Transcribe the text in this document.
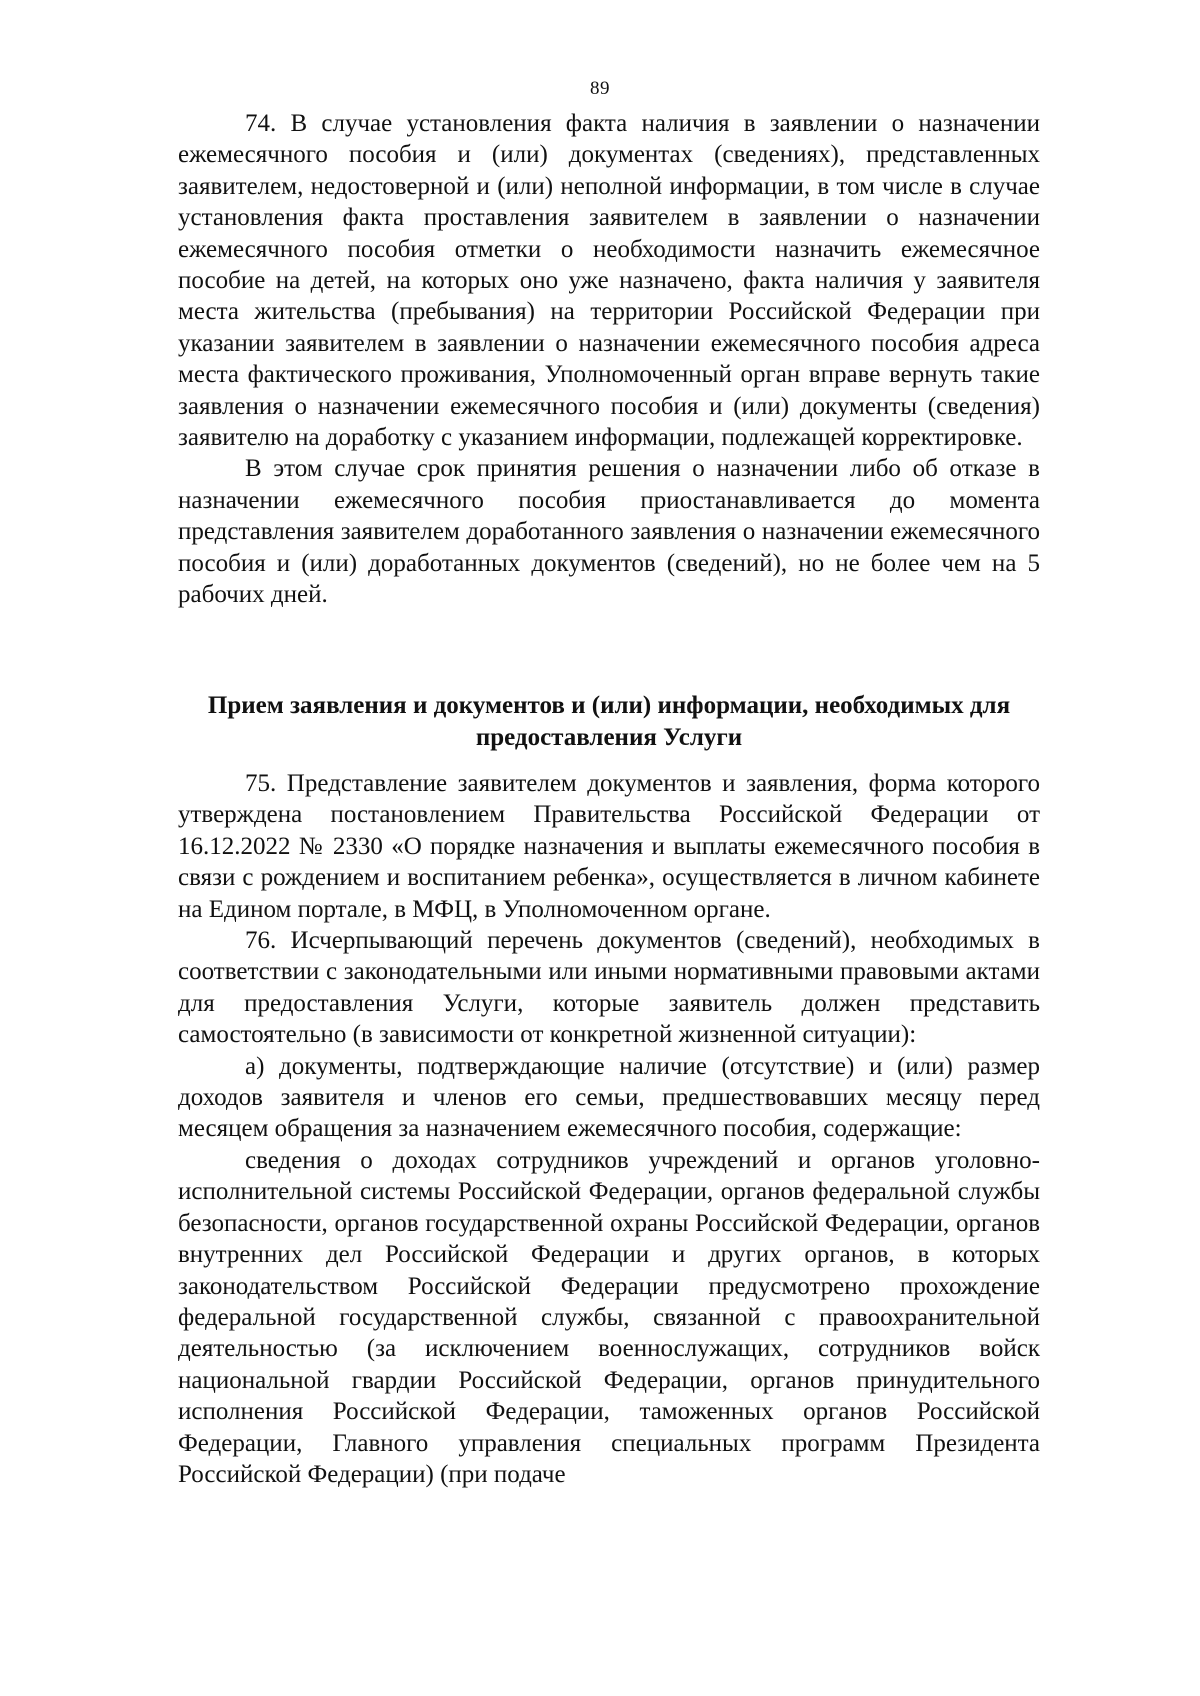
89

74. В случае установления факта наличия в заявлении о назначении ежемесячного пособия и (или) документах (сведениях), представленных заявителем, недостоверной и (или) неполной информации, в том числе в случае установления факта проставления заявителем в заявлении о назначении ежемесячного пособия отметки о необходимости назначить ежемесячное пособие на детей, на которых оно уже назначено, факта наличия у заявителя места жительства (пребывания) на территории Российской Федерации при указании заявителем в заявлении о назначении ежемесячного пособия адреса места фактического проживания, Уполномоченный орган вправе вернуть такие заявления о назначении ежемесячного пособия и (или) документы (сведения) заявителю на доработку с указанием информации, подлежащей корректировке.

В этом случае срок принятия решения о назначении либо об отказе в назначении ежемесячного пособия приостанавливается до момента представления заявителем доработанного заявления о назначении ежемесячного пособия и (или) доработанных документов (сведений), но не более чем на 5 рабочих дней.

Прием заявления и документов и (или) информации, необходимых для предоставления Услуги

75. Представление заявителем документов и заявления, форма которого утверждена постановлением Правительства Российской Федерации от 16.12.2022 № 2330 «О порядке назначения и выплаты ежемесячного пособия в связи с рождением и воспитанием ребенка», осуществляется в личном кабинете на Едином портале, в МФЦ, в Уполномоченном органе.

76. Исчерпывающий перечень документов (сведений), необходимых в соответствии с законодательными или иными нормативными правовыми актами для предоставления Услуги, которые заявитель должен представить самостоятельно (в зависимости от конкретной жизненной ситуации):

а) документы, подтверждающие наличие (отсутствие) и (или) размер доходов заявителя и членов его семьи, предшествовавших месяцу перед месяцем обращения за назначением ежемесячного пособия, содержащие:

сведения о доходах сотрудников учреждений и органов уголовно-исполнительной системы Российской Федерации, органов федеральной службы безопасности, органов государственной охраны Российской Федерации, органов внутренних дел Российской Федерации и других органов, в которых законодательством Российской Федерации предусмотрено прохождение федеральной государственной службы, связанной с правоохранительной деятельностью (за исключением военнослужащих, сотрудников войск национальной гвардии Российской Федерации, органов принудительного исполнения Российской Федерации, таможенных органов Российской Федерации, Главного управления специальных программ Президента Российской Федерации) (при подаче
